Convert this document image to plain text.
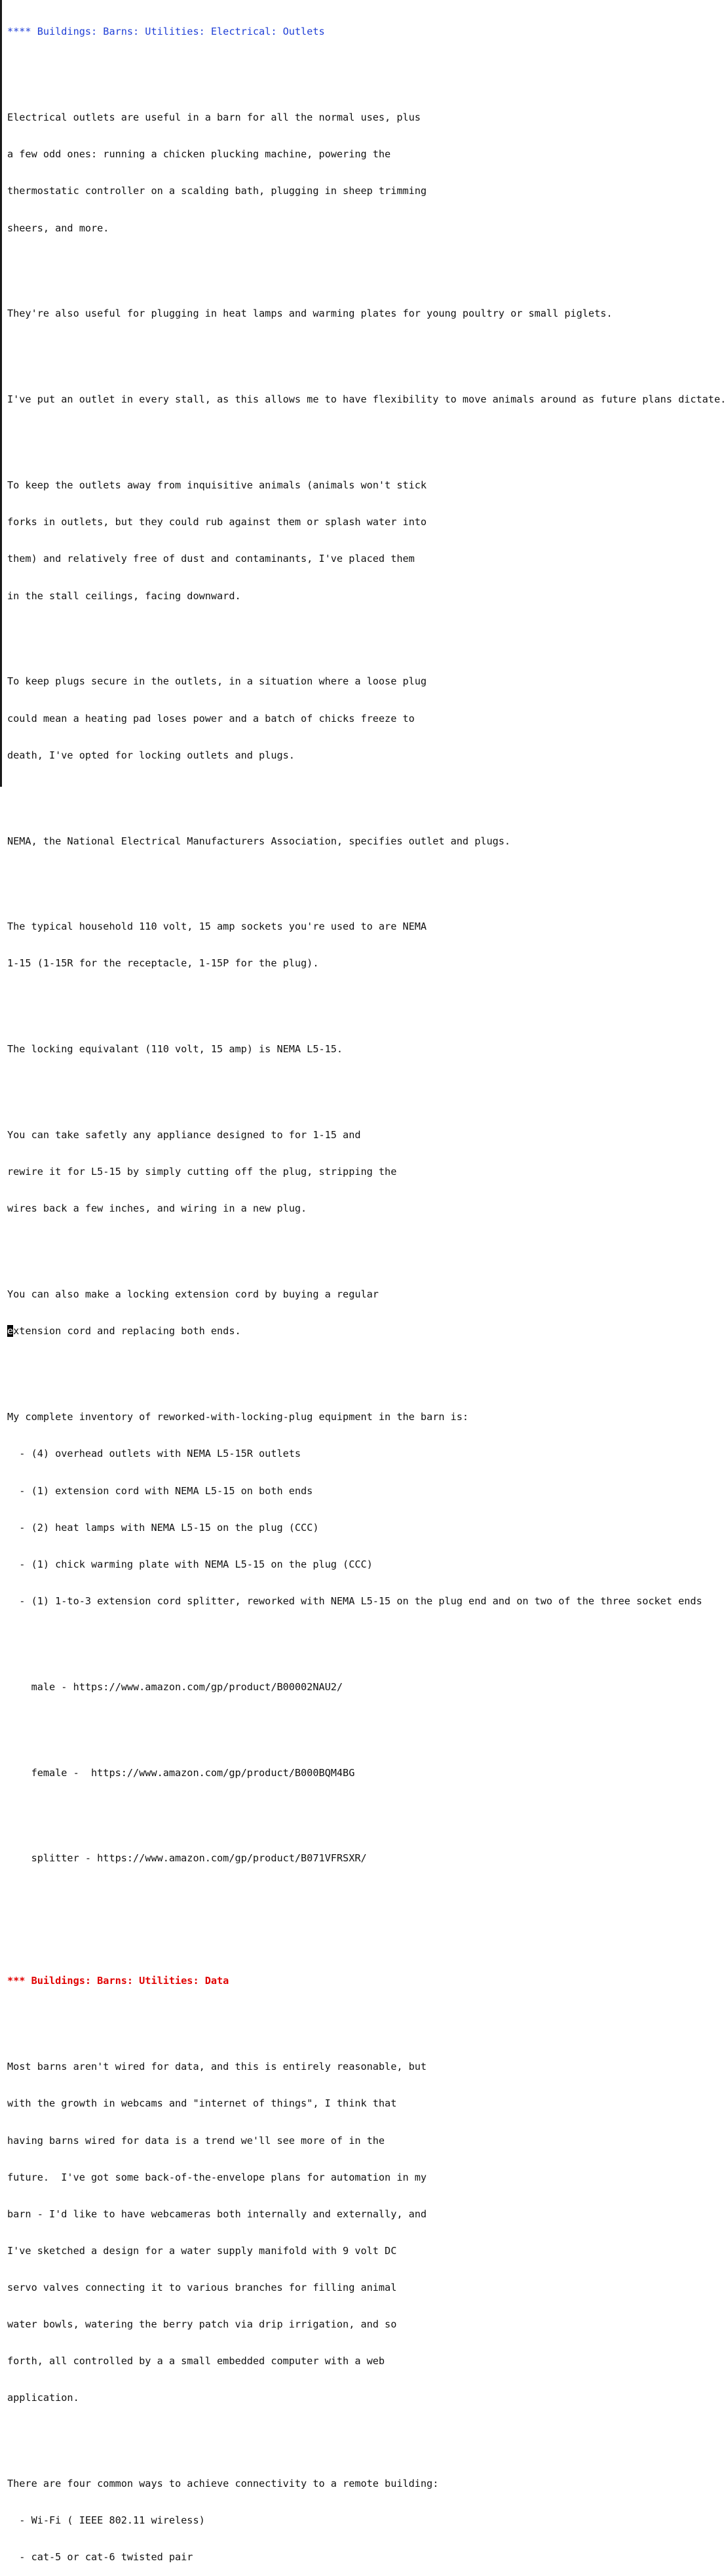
**** Buildings: Barns: Utilities: Electrical: Outlets

Electrical outlets are useful in a barn for all the normal uses, plus

a few odd ones: running a chicken plucking machine, powering the

thermostatic controller on a scalding bath, plugging in sheep trimming

sheers, and more.

They're also useful for plugging in heat lamps and warming plates for young poultry or small piglets.

I've put an outlet in every stall, as this allows me to have flexibility to move animals around as future plans dictate.

To keep the outlets away from inquisitive animals (animals won't stick

forks in outlets, but they could rub against them or splash water into

them) and relatively free of dust and contaminants, I've placed them

in the stall ceilings, facing downward.

To keep plugs secure in the outlets, in a situation where a loose plug

could mean a heating pad loses power and a batch of chicks freeze to

death, I've opted for locking outlets and plugs.

NEMA, the National Electrical Manufacturers Association, specifies outlet and plugs.

The typical household 110 volt, 15 amp sockets you're used to are NEMA

1-15 (1-15R for the receptacle, 1-15P for the plug).

The locking equivalant (110 volt, 15 amp) is NEMA L5-15.

You can take safetly any appliance designed to for 1-15 and

rewire it for L5-15 by simply cutting off the plug, stripping the

wires back a few inches, and wiring in a new plug.

You can also make a locking extension cord by buying a regular

extension cord and replacing both ends.

My complete inventory of reworked-with-locking-plug equipment in the barn is:

- (4) overhead outlets with NEMA L5-15R outlets

- (1) extension cord with NEMA L5-15 on both ends

- (2) heat lamps with NEMA L5-15 on the plug (CCC)

- (1) chick warming plate with NEMA L5-15 on the plug (CCC)

- (1) 1-to-3 extension cord splitter, reworked with NEMA L5-15 on the plug end and on two of the three socket ends

male - https://www.amazon.com/gp/product/B00002NAU2/

female -  https://www.amazon.com/gp/product/B000BQM4BG

splitter - https://www.amazon.com/gp/product/B071VFRSXR/

*** Buildings: Barns: Utilities: Data

Most barns aren't wired for data, and this is entirely reasonable, but

with the growth in webcams and "internet of things", I think that

having barns wired for data is a trend we'll see more of in the

future.  I've got some back-of-the-envelope plans for automation in my

barn - I'd like to have webcameras both internally and externally, and

I've sketched a design for a water supply manifold with 9 volt DC

servo valves connecting it to various branches for filling animal

water bowls, watering the berry patch via drip irrigation, and so

forth, all controlled by a a small embedded computer with a web

application.

There are four common ways to achieve connectivity to a remote building:

- Wi-Fi ( IEEE 802.11 wireless)

- cat-5 or cat-6 twisted pair
